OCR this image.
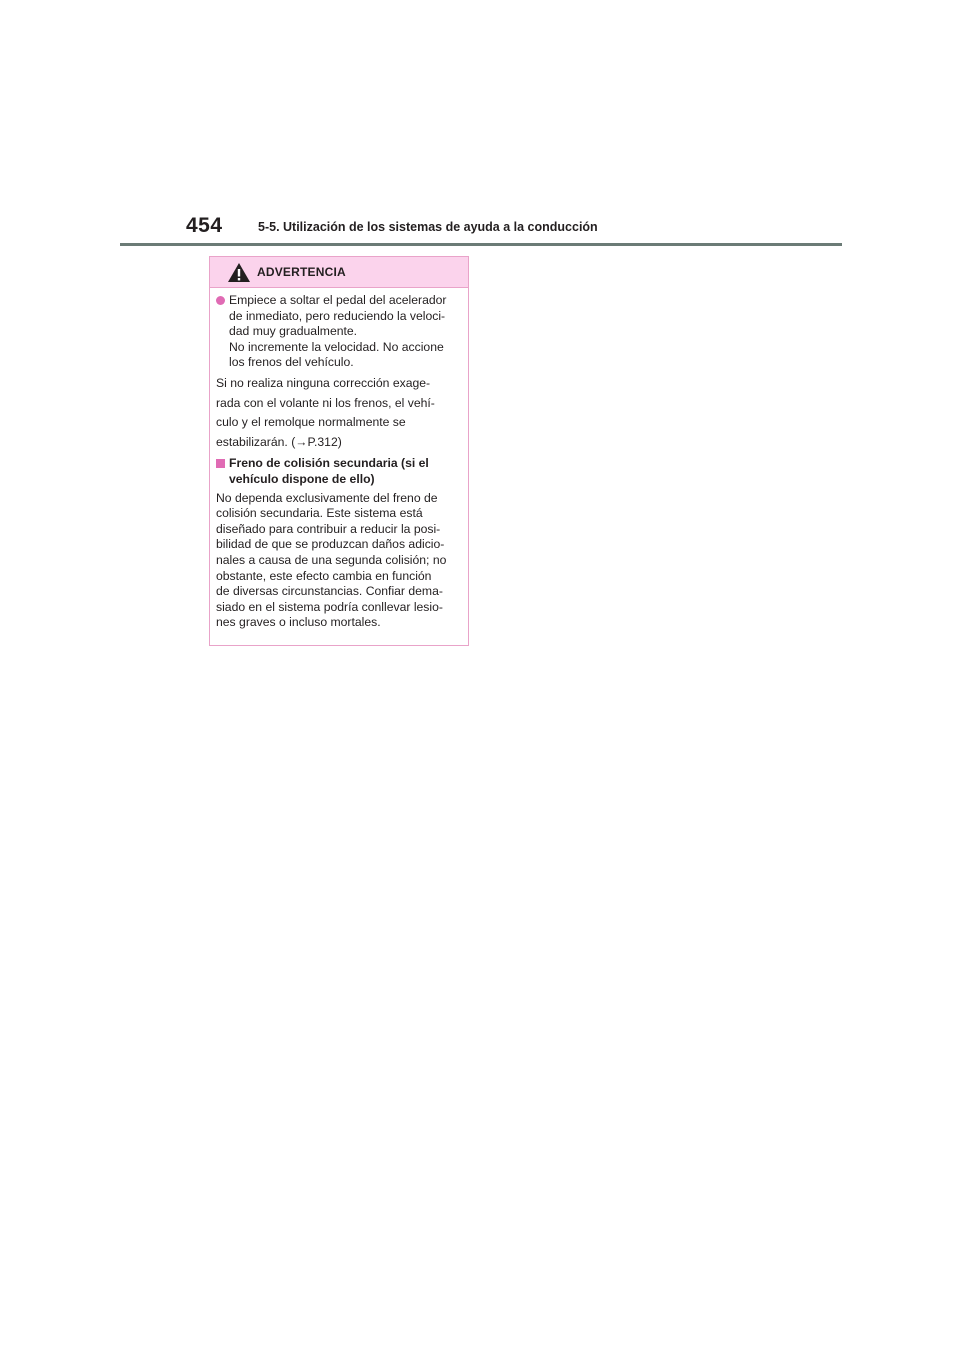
454	5-5. Utilización de los sistemas de ayuda a la conducción
ADVERTENCIA
Empiece a soltar el pedal del acelerador
de inmediato, pero reduciendo la veloci-
dad muy gradualmente.
No incremente la velocidad. No accione
los frenos del vehículo.
Si no realiza ninguna corrección exage-
rada con el volante ni los frenos, el vehí-
culo y el remolque normalmente se
estabilizarán. (→P.312)
Freno de colisión secundaria (si el
vehículo dispone de ello)
No dependa exclusivamente del freno de
colisión secundaria. Este sistema está
diseñado para contribuir a reducir la posi-
bilidad de que se produzcan daños adicio-
nales a causa de una segunda colisión; no
obstante, este efecto cambia en función
de diversas circunstancias. Confiar dema-
siado en el sistema podría conllevar lesio-
nes graves o incluso mortales.
